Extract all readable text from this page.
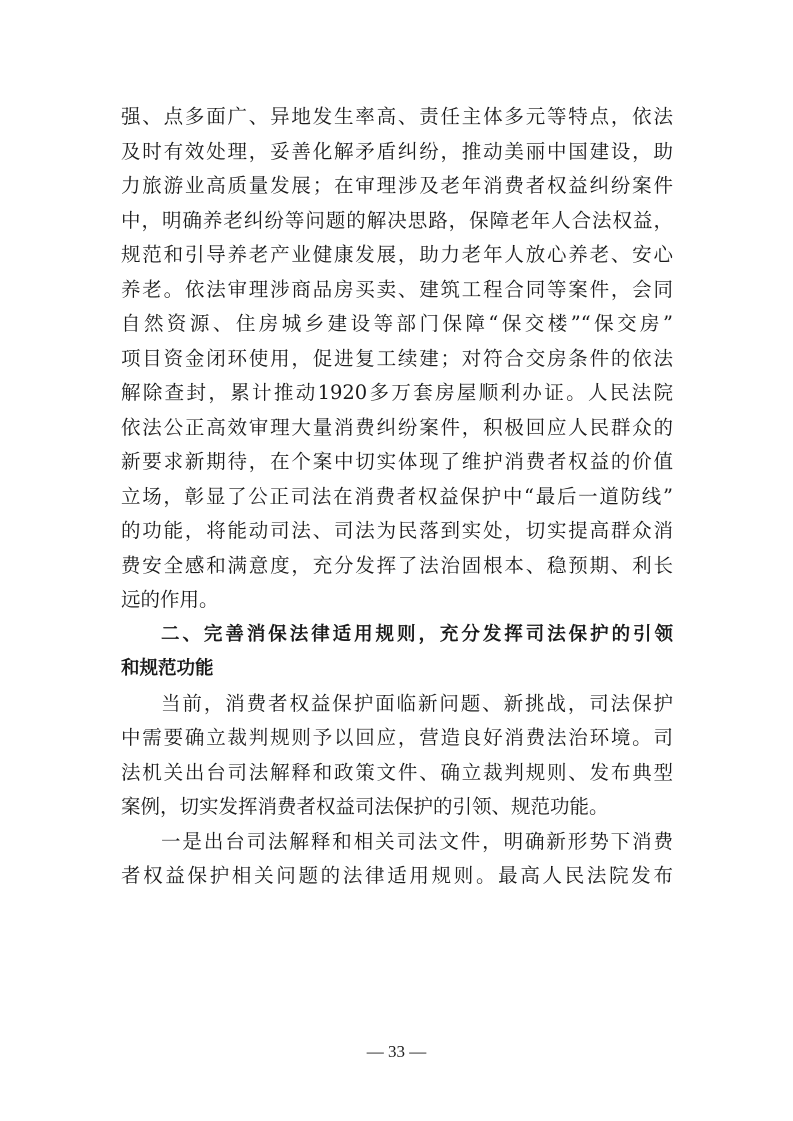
强、点多面广、异地发生率高、责任主体多元等特点，依法
及时有效处理，妥善化解矛盾纠纷，推动美丽中国建设，助
力旅游业高质量发展；在审理涉及老年消费者权益纠纷案件
中，明确养老纠纷等问题的解决思路，保障老年人合法权益，
规范和引导养老产业健康发展，助力老年人放心养老、安心
养老。依法审理涉商品房买卖、建筑工程合同等案件，会同
自然资源、住房城乡建设等部门保障“保交楼”“保交房”
项目资金闭环使用，促进复工续建；对符合交房条件的依法
解除查封，累计推动1920多万套房屋顺利办证。人民法院
依法公正高效审理大量消费纠纷案件，积极回应人民群众的
新要求新期待，在个案中切实体现了维护消费者权益的价值
立场，彰显了公正司法在消费者权益保护中“最后一道防线”
的功能，将能动司法、司法为民落到实处，切实提高群众消
费安全感和满意度，充分发挥了法治固根本、稳预期、利长
远的作用。
二、完善消保法律适用规则，充分发挥司法保护的引领
和规范功能
当前，消费者权益保护面临新问题、新挑战，司法保护
中需要确立裁判规则予以回应，营造良好消费法治环境。司
法机关出台司法解释和政策文件、确立裁判规则、发布典型
案例，切实发挥消费者权益司法保护的引领、规范功能。
一是出台司法解释和相关司法文件，明确新形势下消费
者权益保护相关问题的法律适用规则。最高人民法院发布
— 33 —
